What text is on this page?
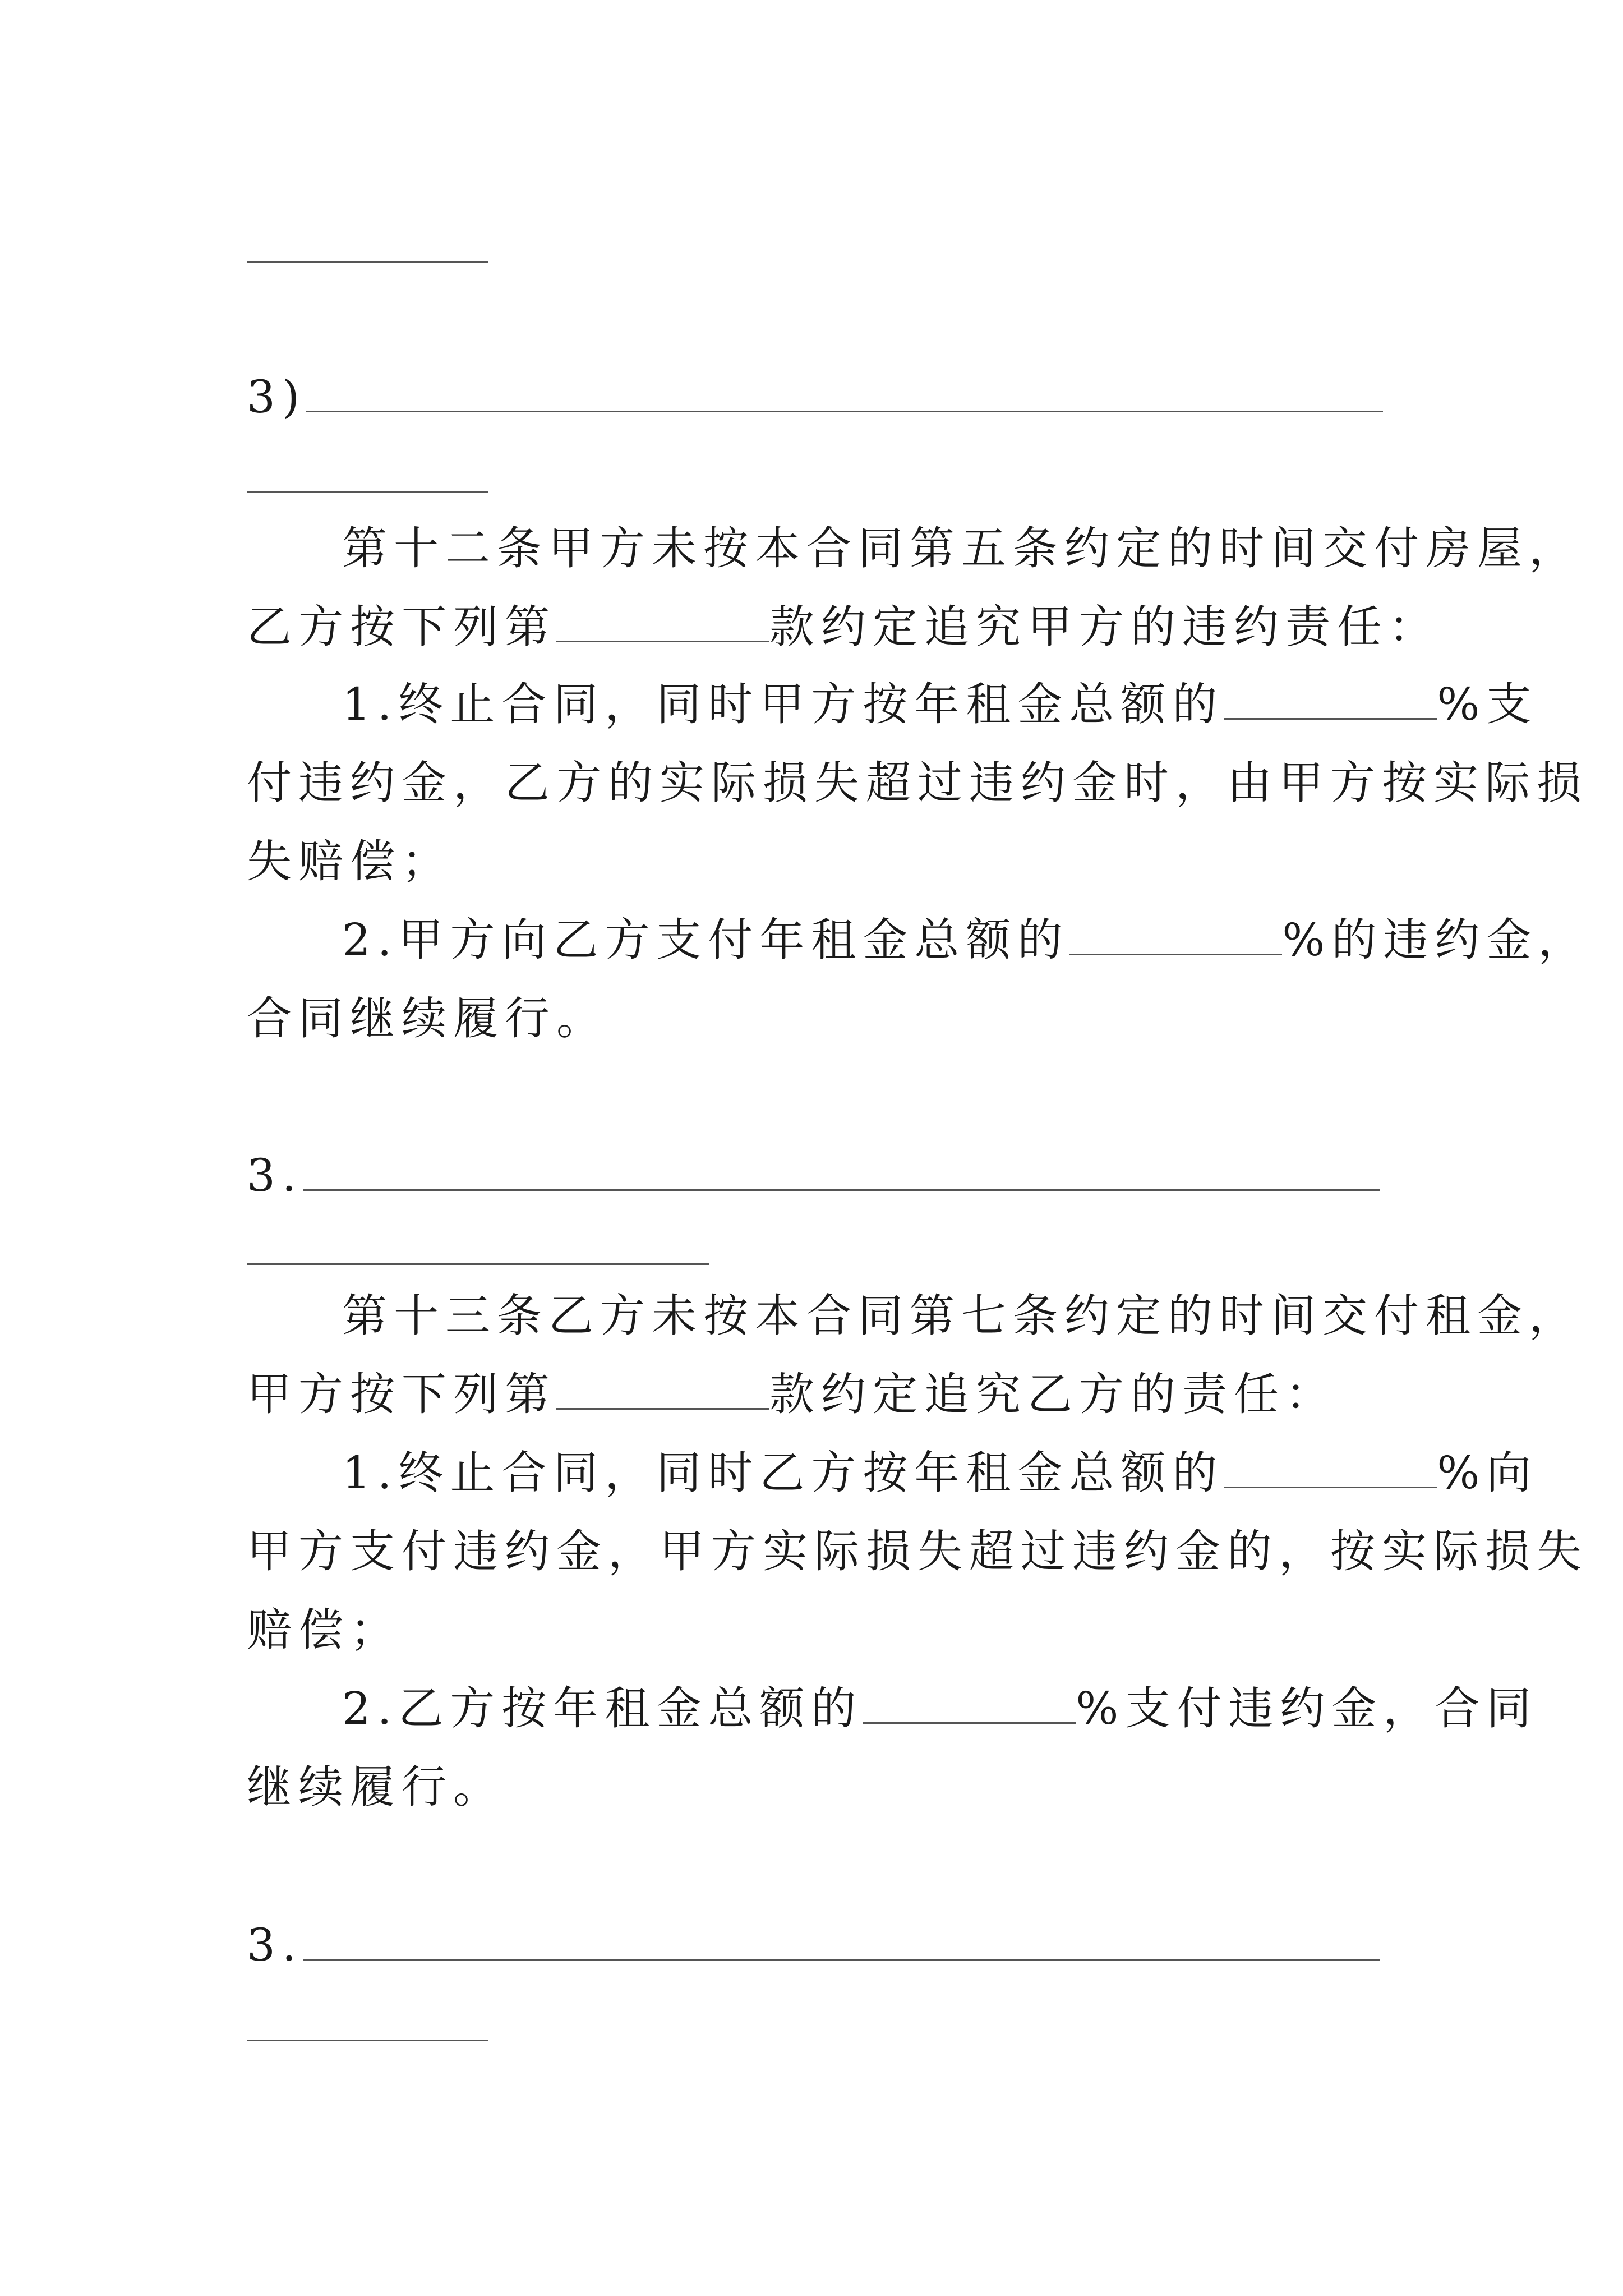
3)
第十二条甲方未按本合同第五条约定的时间交付房屋，
乙方按下列第	款约定追究甲方的违约责任：
1.终止合同，同时甲方按年租金总额的	%支
付违约金，乙方的实际损失超过违约金时，由甲方按实际损
失赔偿；
2.甲方向乙方支付年租金总额的	%的违约金，
合同继续履行。
3.
第十三条乙方未按本合同第七条约定的时间交付租金，
甲方按下列第	款约定追究乙方的责任：
1.终止合同，同时乙方按年租金总额的	%向
甲方支付违约金，甲方实际损失超过违约金的，按实际损失
赔偿；
2.乙方按年租金总额的	%支付违约金，合同
继续履行。
3.
